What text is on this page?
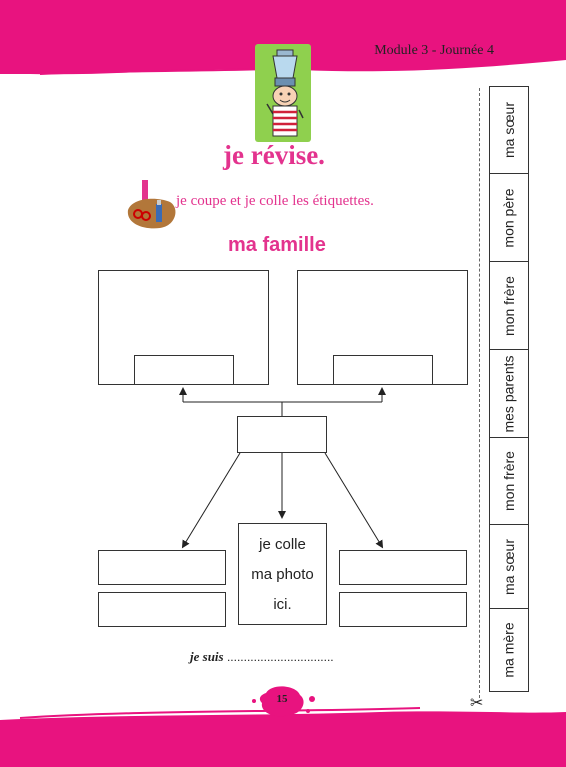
Module 3 - Journée 4
je révise.
je coupe et je colle les étiquettes.
ma famille
je colle
ma photo
ici.
je suis ................................
ma sœur
mon père
mon frère
mes parents
mon frère
ma sœur
ma mère
✂
15
